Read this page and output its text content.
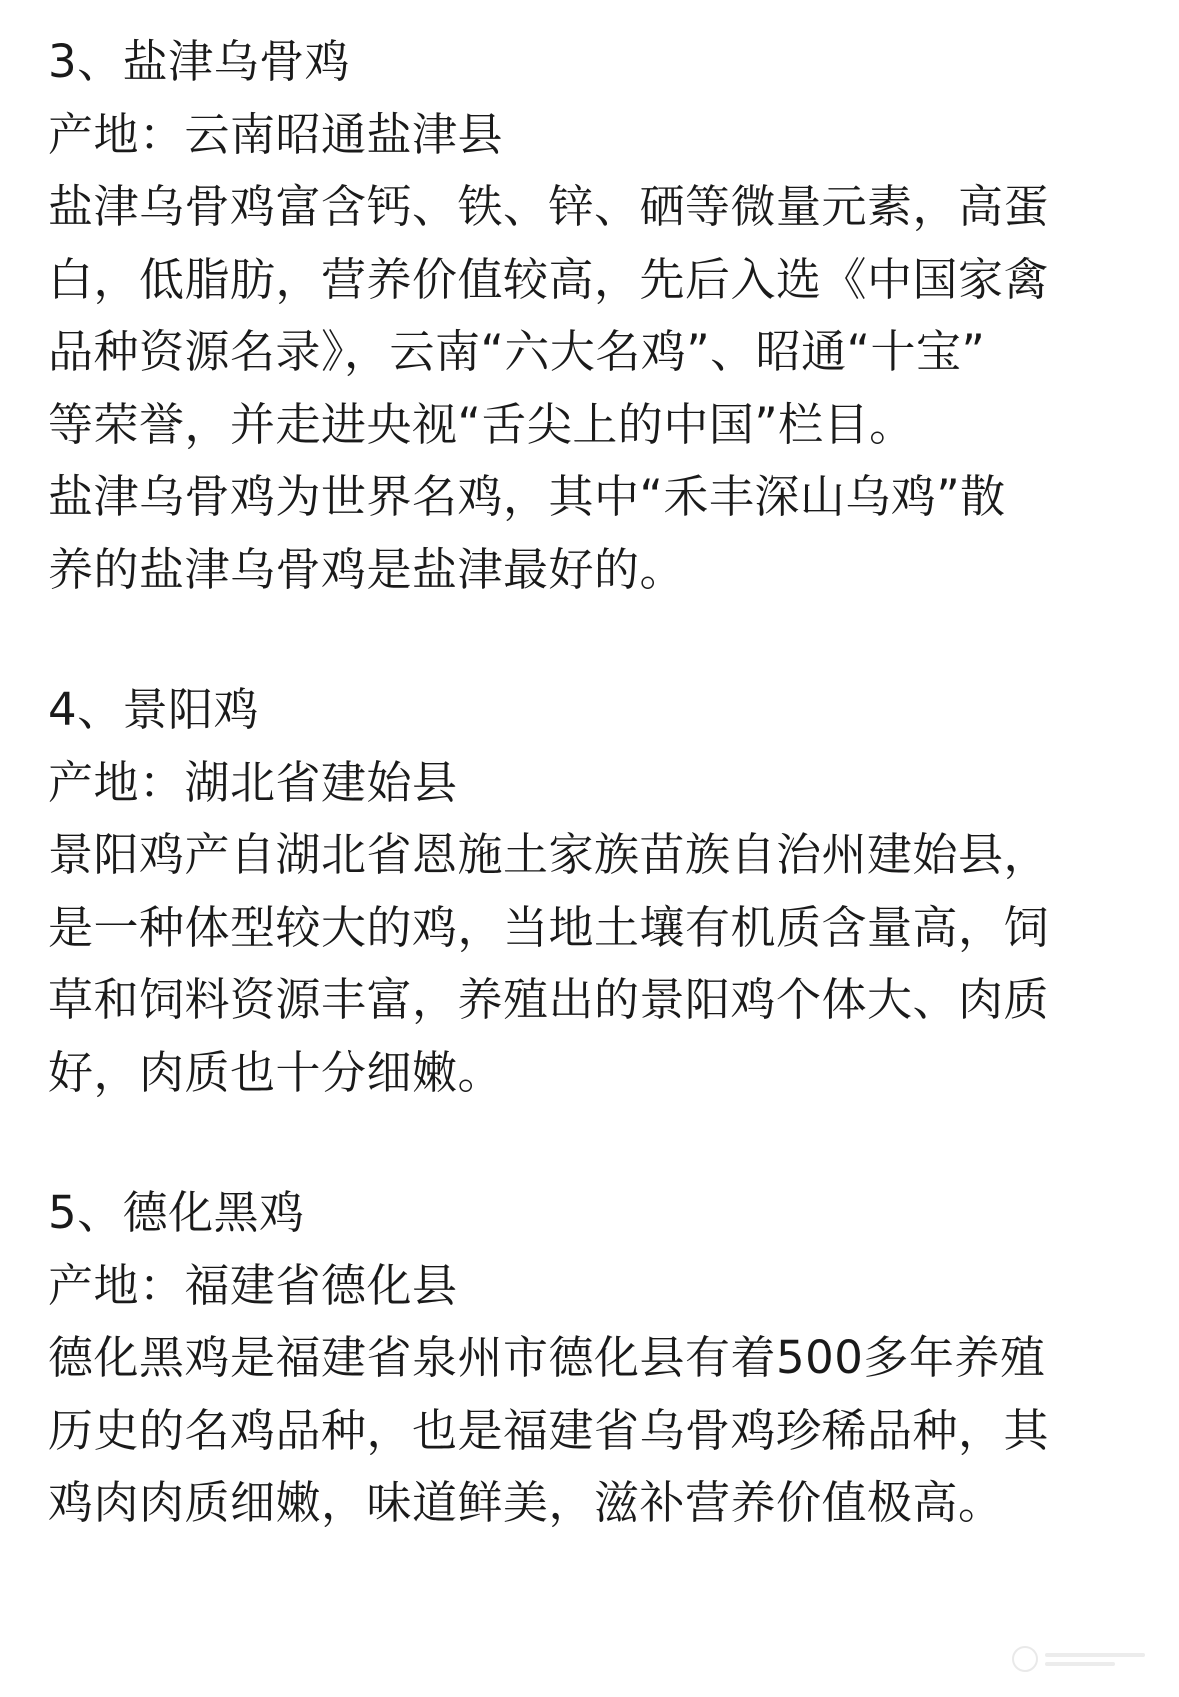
3、盐津乌骨鸡
产地：云南昭通盐津县
盐津乌骨鸡富含钙、铁、锌、硒等微量元素，高蛋
白，低脂肪，营养价值较高，先后入选《中国家禽
品种资源名录》，云南“六大名鸡”、昭通“十宝”
等荣誉，并走进央视“舌尖上的中国”栏目。
盐津乌骨鸡为世界名鸡，其中“禾丰深山乌鸡”散
养的盐津乌骨鸡是盐津最好的。
4、景阳鸡
产地：湖北省建始县
景阳鸡产自湖北省恩施土家族苗族自治州建始县，
是一种体型较大的鸡，当地土壤有机质含量高，饲
草和饲料资源丰富，养殖出的景阳鸡个体大、肉质
好，肉质也十分细嫩。
5、德化黑鸡
产地：福建省德化县
德化黑鸡是福建省泉州市德化县有着500多年养殖
历史的名鸡品种，也是福建省乌骨鸡珍稀品种，其
鸡肉肉质细嫩，味道鲜美，滋补营养价值极高。
